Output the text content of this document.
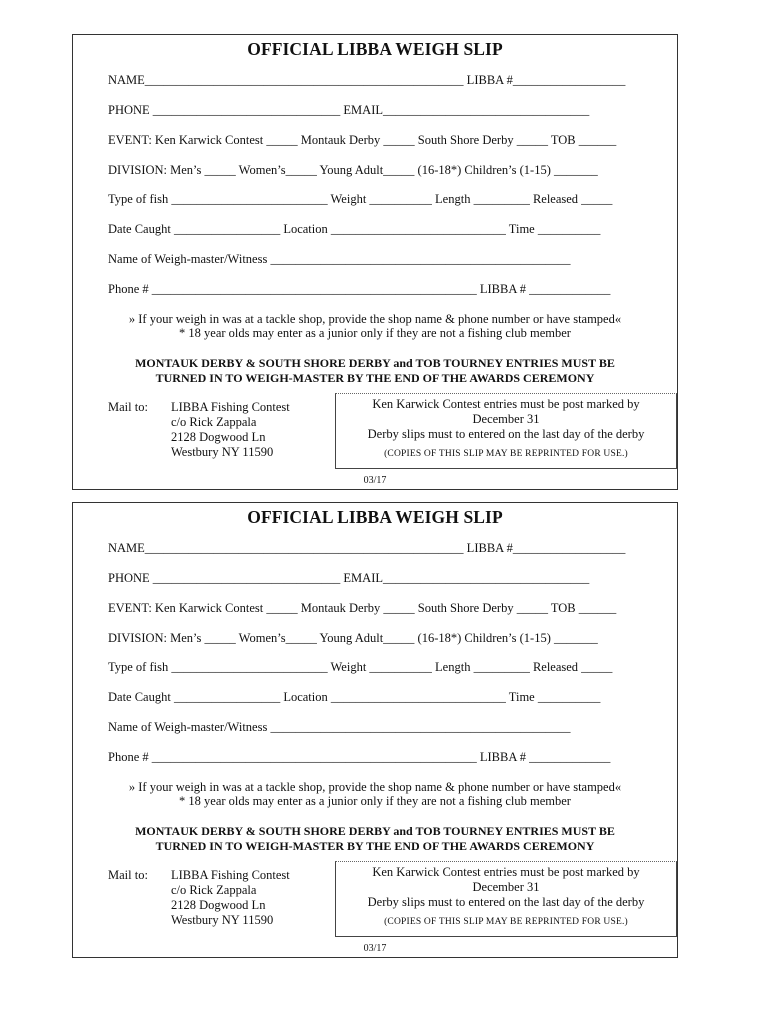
OFFICIAL LIBBA WEIGH SLIP
NAME___________________________________________________ LIBBA #__________________
PHONE ______________________________ EMAIL_________________________________
EVENT: Ken Karwick Contest _____ Montauk Derby _____ South Shore Derby _____ TOB ______
DIVISION: Men’s _____ Women’s_____ Young Adult_____ (16-18*) Children’s (1-15) _______
Type of fish _________________________ Weight __________ Length _________ Released _____
Date Caught _________________ Location ____________________________ Time __________
Name of Weigh-master/Witness ________________________________________________
Phone # ____________________________________________________ LIBBA # _____________
» If your weigh in was at a tackle shop, provide the shop name & phone number or have stamped«
* 18 year olds may enter as a junior only if they are not a fishing club member
MONTAUK DERBY & SOUTH SHORE DERBY and TOB TOURNEY ENTRIES MUST BE
TURNED IN TO WEIGH-MASTER BY THE END OF THE AWARDS CEREMONY
Mail to: LIBBA Fishing Contest
c/o Rick Zappala
2128 Dogwood Ln
Westbury NY 11590
Ken Karwick Contest entries must be post marked by
December 31
Derby slips must to entered on the last day of the derby
(COPIES OF THIS SLIP MAY BE REPRINTED FOR USE.)
03/17
OFFICIAL LIBBA WEIGH SLIP
NAME___________________________________________________ LIBBA #__________________
PHONE ______________________________ EMAIL_________________________________
EVENT: Ken Karwick Contest _____ Montauk Derby _____ South Shore Derby _____ TOB ______
DIVISION: Men’s _____ Women’s_____ Young Adult_____ (16-18*) Children’s (1-15) _______
Type of fish _________________________ Weight __________ Length _________ Released _____
Date Caught _________________ Location ____________________________ Time __________
Name of Weigh-master/Witness ________________________________________________
Phone # ____________________________________________________ LIBBA # _____________
» If your weigh in was at a tackle shop, provide the shop name & phone number or have stamped«
* 18 year olds may enter as a junior only if they are not a fishing club member
MONTAUK DERBY & SOUTH SHORE DERBY and TOB TOURNEY ENTRIES MUST BE
TURNED IN TO WEIGH-MASTER BY THE END OF THE AWARDS CEREMONY
Mail to: LIBBA Fishing Contest
c/o Rick Zappala
2128 Dogwood Ln
Westbury NY 11590
Ken Karwick Contest entries must be post marked by
December 31
Derby slips must to entered on the last day of the derby
(COPIES OF THIS SLIP MAY BE REPRINTED FOR USE.)
03/17
